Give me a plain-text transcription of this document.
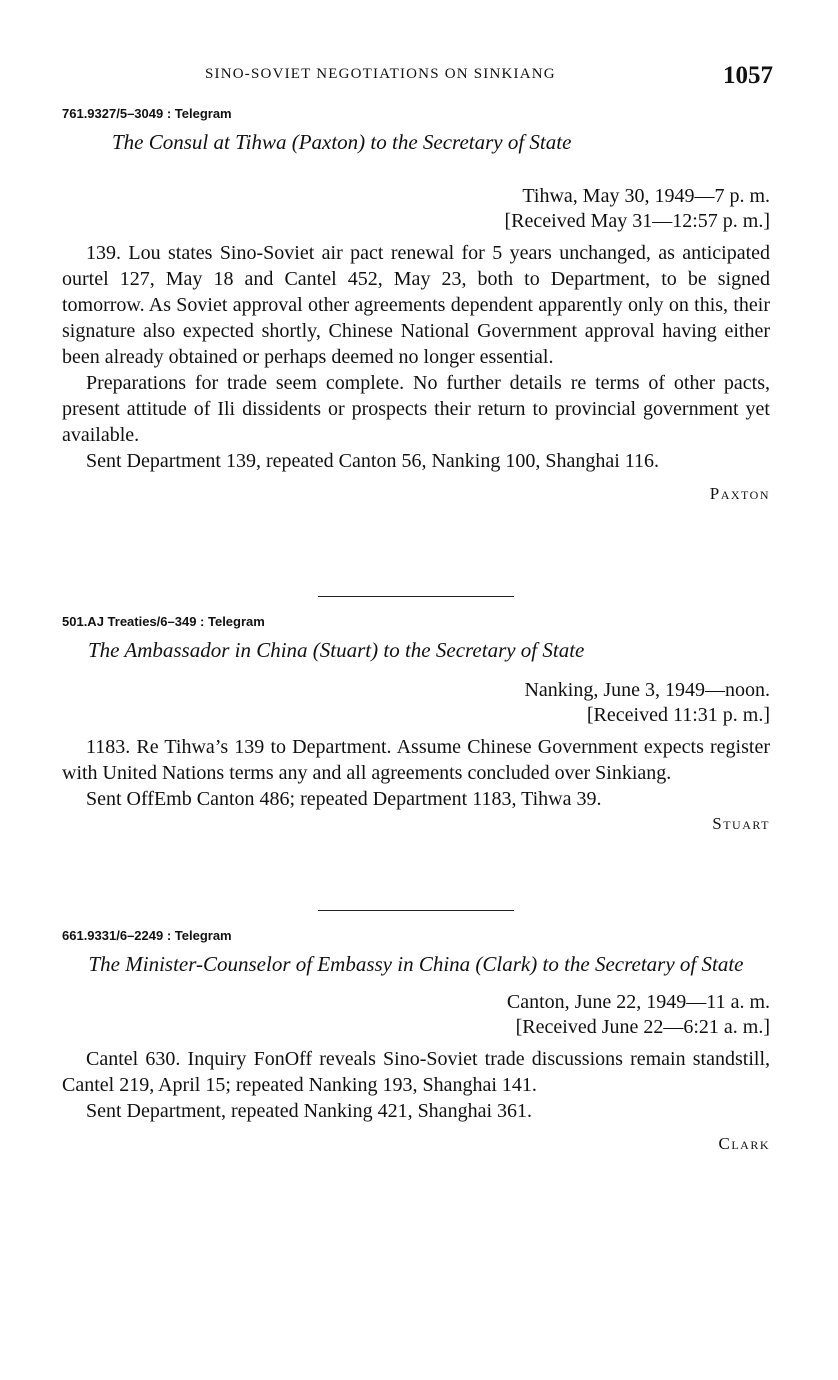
SINO-SOVIET NEGOTIATIONS ON SINKIANG	1057
761.9327/5–3049 : Telegram
The Consul at Tihwa (Paxton) to the Secretary of State
Tihwa, May 30, 1949—7 p. m.
[Received May 31—12:57 p. m.]

139. Lou states Sino-Soviet air pact renewal for 5 years unchanged, as anticipated ourtel 127, May 18 and Cantel 452, May 23, both to Department, to be signed tomorrow. As Soviet approval other agreements dependent apparently only on this, their signature also expected shortly, Chinese National Government approval having either been already obtained or perhaps deemed no longer essential.

Preparations for trade seem complete. No further details re terms of other pacts, present attitude of Ili dissidents or prospects their return to provincial government yet available.

Sent Department 139, repeated Canton 56, Nanking 100, Shanghai 116.

Paxton
501.AJ Treaties/6–349 : Telegram
The Ambassador in China (Stuart) to the Secretary of State
Nanking, June 3, 1949—noon.
[Received 11:31 p. m.]

1183. Re Tihwa’s 139 to Department. Assume Chinese Government expects register with United Nations terms any and all agreements concluded over Sinkiang.

Sent OffEmb Canton 486; repeated Department 1183, Tihwa 39.

Stuart
661.9331/6–2249 : Telegram
The Minister-Counselor of Embassy in China (Clark) to the Secretary of State
Canton, June 22, 1949—11 a. m.
[Received June 22—6:21 a. m.]

Cantel 630. Inquiry FonOff reveals Sino-Soviet trade discussions remain standstill, Cantel 219, April 15; repeated Nanking 193, Shanghai 141.

Sent Department, repeated Nanking 421, Shanghai 361.

Clark
